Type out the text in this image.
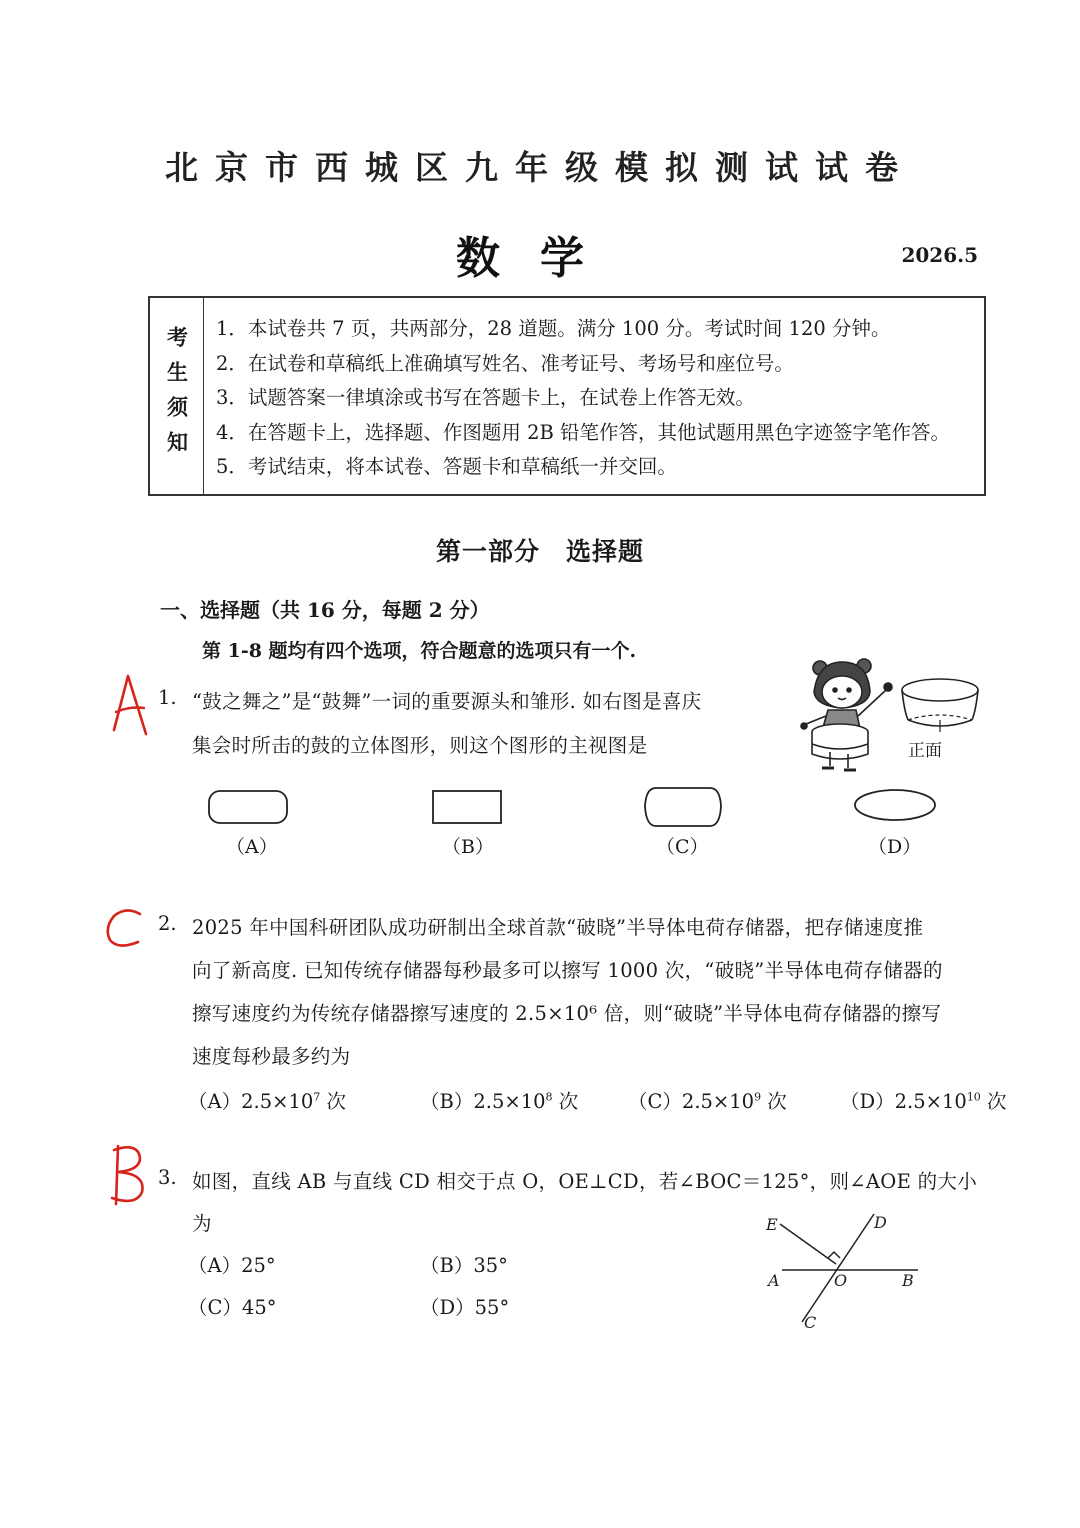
北京市西城区九年级模拟测试试卷
数学	2026.5
考生须知 1．本试卷共 7 页，共两部分，28 道题。满分 100 分。考试时间 120 分钟。
2．在试卷和草稿纸上准确填写姓名、准考证号、考场号和座位号。
3．试题答案一律填涂或书写在答题卡上，在试卷上作答无效。
4．在答题卡上，选择题、作图题用 2B 铅笔作答，其他试题用黑色字迹签字笔作答。
5．考试结束，将本试卷、答题卡和草稿纸一并交回。
第一部分　选择题
一、选择题（共 16 分，每题 2 分）
第 1-8 题均有四个选项，符合题意的选项只有一个.
1. “鼓之舞之”是“鼓舞”一词的重要源头和雏形. 如右图是喜庆
集会时所击的鼓的立体图形，则这个图形的主视图是	正面
（A）	（B）	（C）	（D）
2. 2025 年中国科研团队成功研制出全球首款“破晓”半导体电荷存储器，把存储速度推
向了新高度. 已知传统存储器每秒最多可以擦写 1000 次，“破晓”半导体电荷存储器的
擦写速度约为传统存储器擦写速度的 2.5×10⁶ 倍，则“破晓”半导体电荷存储器的擦写
速度每秒最多约为
$(A)2.5\times 10^7$ 次	$(B)2.5\times 10^8$ 次	$(C)2.5\times 10^9$ 次	$(D)2.5\times 10^{10}$ 次
3. 如图，直线 AB 与直线 CD 相交于点 O，OE⊥CD，若∠BOC＝125°，则∠AOE 的大小
为
（A）25°	（B）35°
（C）45°	（D）55°
E	D
A	O	B
C
